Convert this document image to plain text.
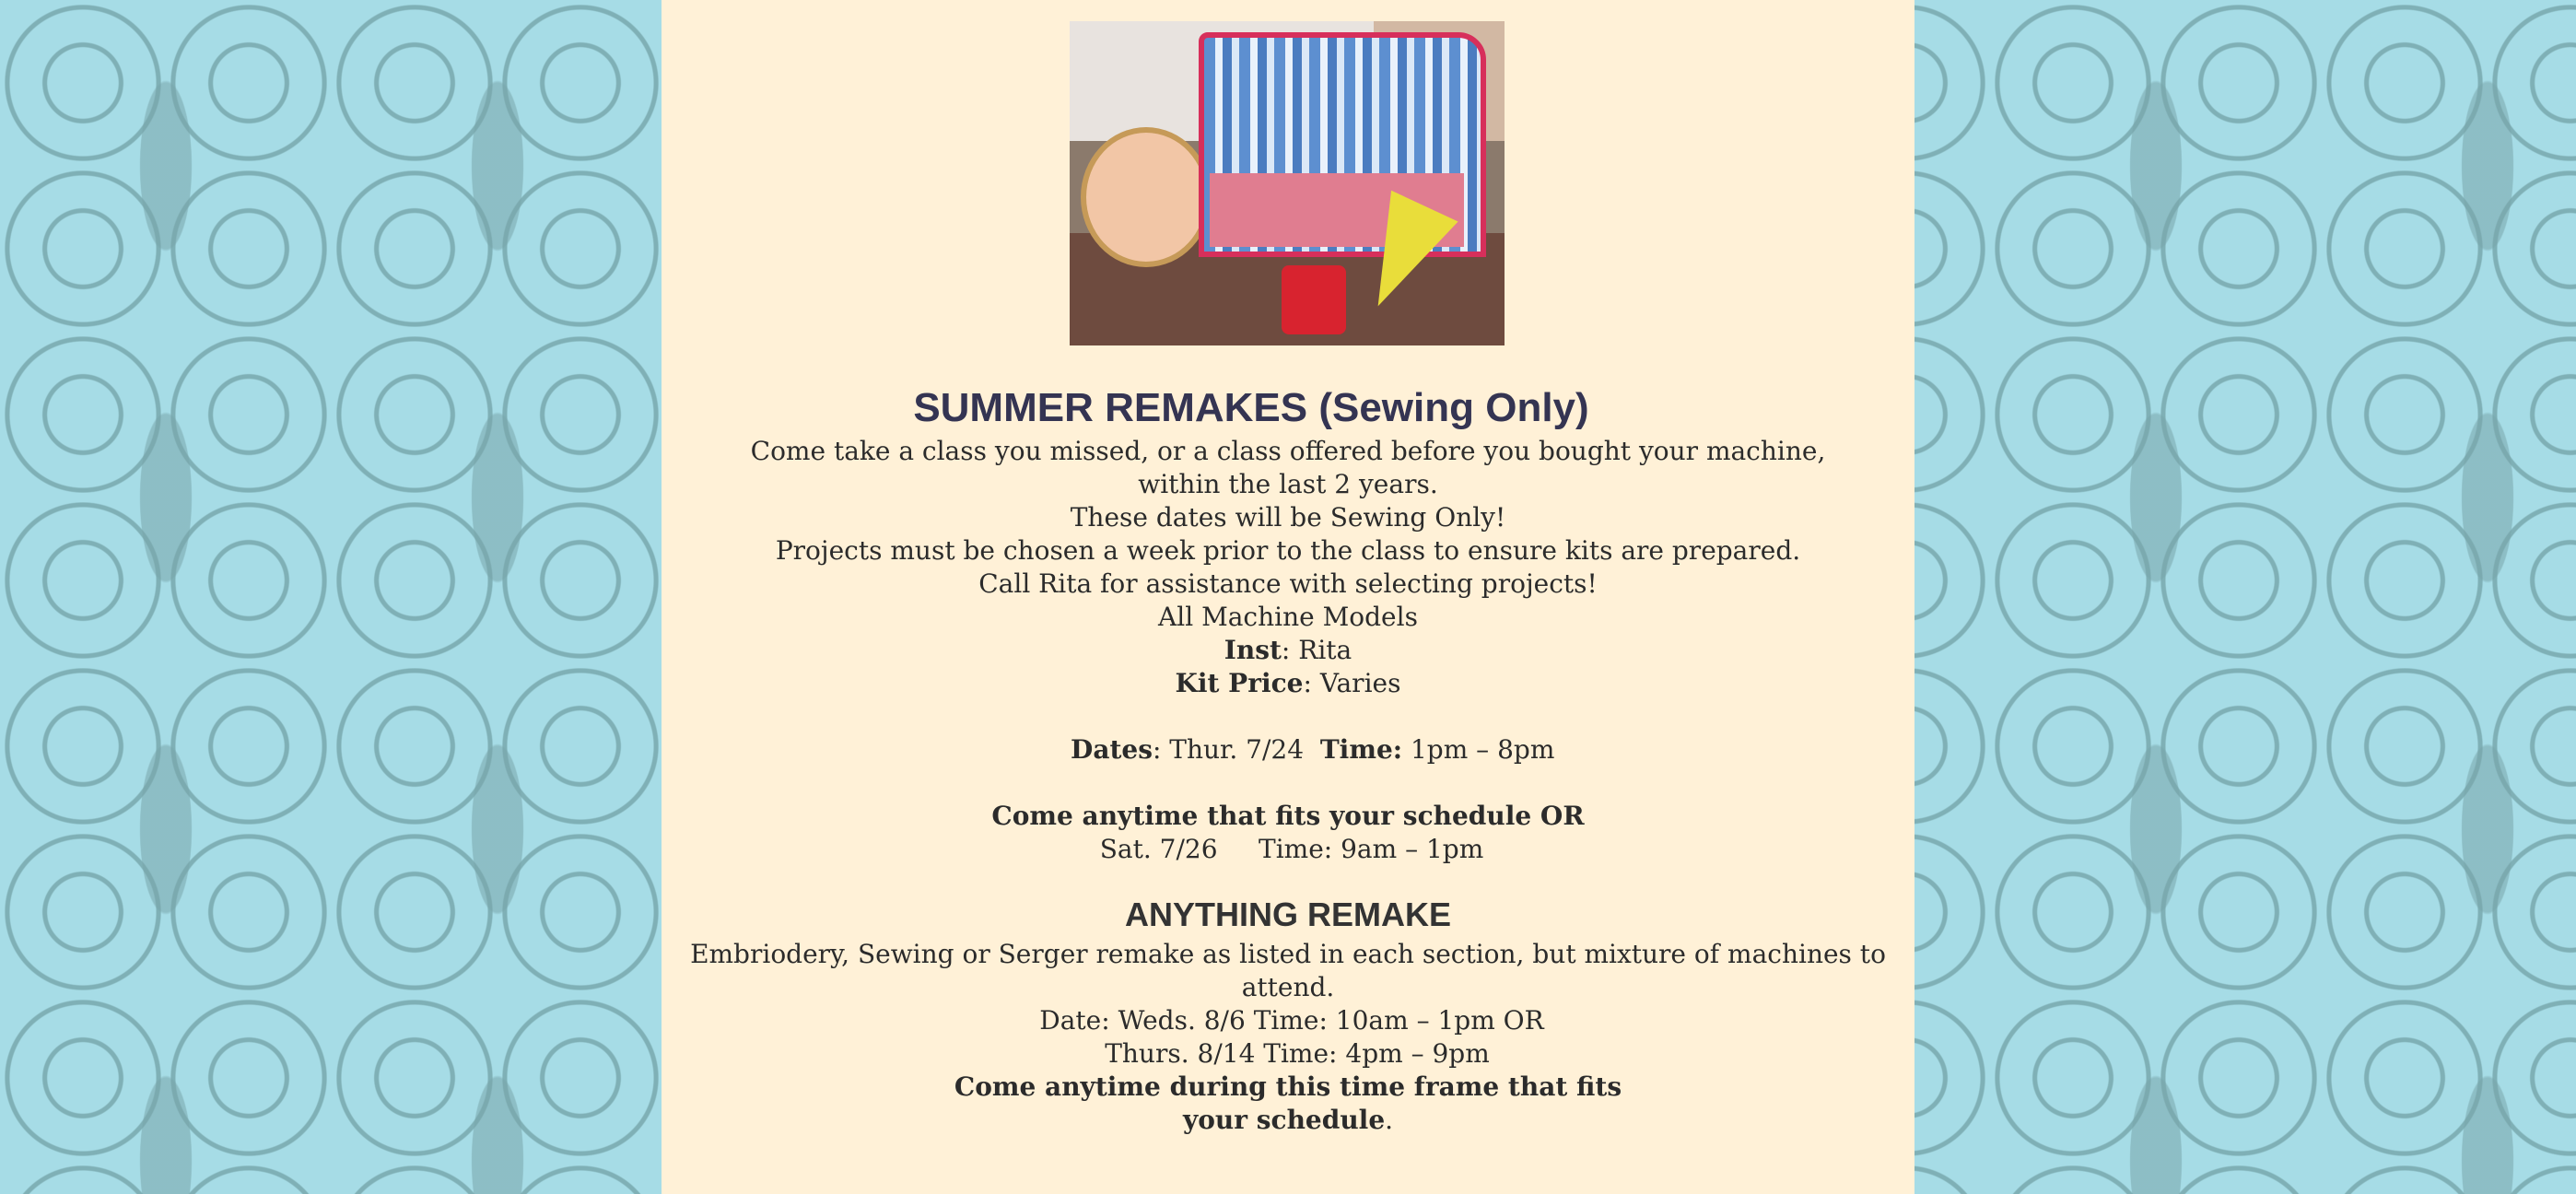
SUMMER REMAKES (Sewing Only)

Come take a class you missed, or a class offered before you bought your machine,

within the last 2 years.

These dates will be Sewing Only!

Projects must be chosen a week prior to the class to ensure kits are prepared.

Call Rita for assistance with selecting projects!

All Machine Models

Inst: Rita

Kit Price: Varies

Dates: Thur. 7/24  Time: 1pm – 8pm

Come anytime that fits your schedule OR

Sat. 7/26     Time: 9am – 1pm

ANYTHING REMAKE

Embriodery, Sewing or Serger remake as listed in each section, but mixture of machines to

attend.

Date: Weds. 8/6 Time: 10am – 1pm OR

Thurs. 8/14 Time: 4pm – 9pm

Come anytime during this time frame that fits

your schedule.
